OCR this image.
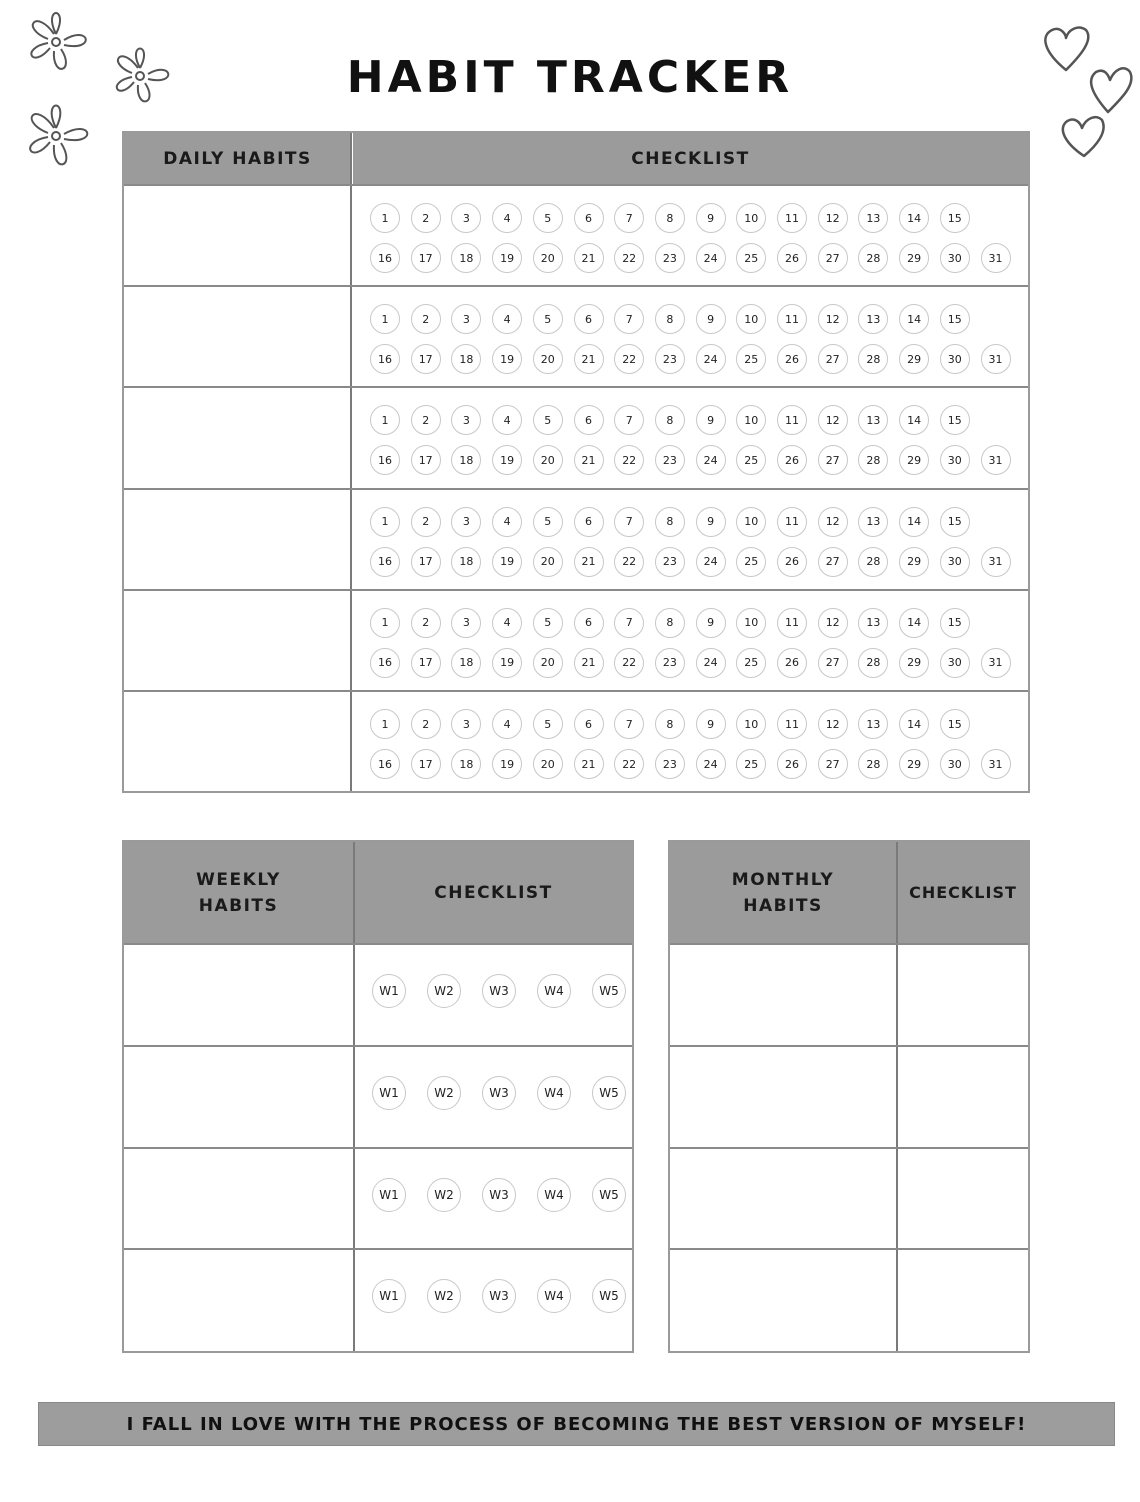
HABIT TRACKER
DAILY HABITS	CHECKLIST
1	2	3	4	5	6	7	8	9	10	11	12	13	14	15
16	17	18	19	20	21	22	23	24	25	26	27	28	29	30	31
1	2	3	4	5	6	7	8	9	10	11	12	13	14	15
16	17	18	19	20	21	22	23	24	25	26	27	28	29	30	31
1	2	3	4	5	6	7	8	9	10	11	12	13	14	15
16	17	18	19	20	21	22	23	24	25	26	27	28	29	30	31
1	2	3	4	5	6	7	8	9	10	11	12	13	14	15
16	17	18	19	20	21	22	23	24	25	26	27	28	29	30	31
1	2	3	4	5	6	7	8	9	10	11	12	13	14	15
16	17	18	19	20	21	22	23	24	25	26	27	28	29	30	31
1	2	3	4	5	6	7	8	9	10	11	12	13	14	15
16	17	18	19	20	21	22	23	24	25	26	27	28	29	30	31
WEEKLY HABITS
CHECKLIST
W1	W2	W3	W4	W5
W1	W2	W3	W4	W5
W1	W2	W3	W4	W5
W1	W2	W3	W4	W5
MONTHLY HABITS
CHECKLIST
I FALL IN LOVE WITH THE PROCESS OF BECOMING THE BEST VERSION OF MYSELF!
